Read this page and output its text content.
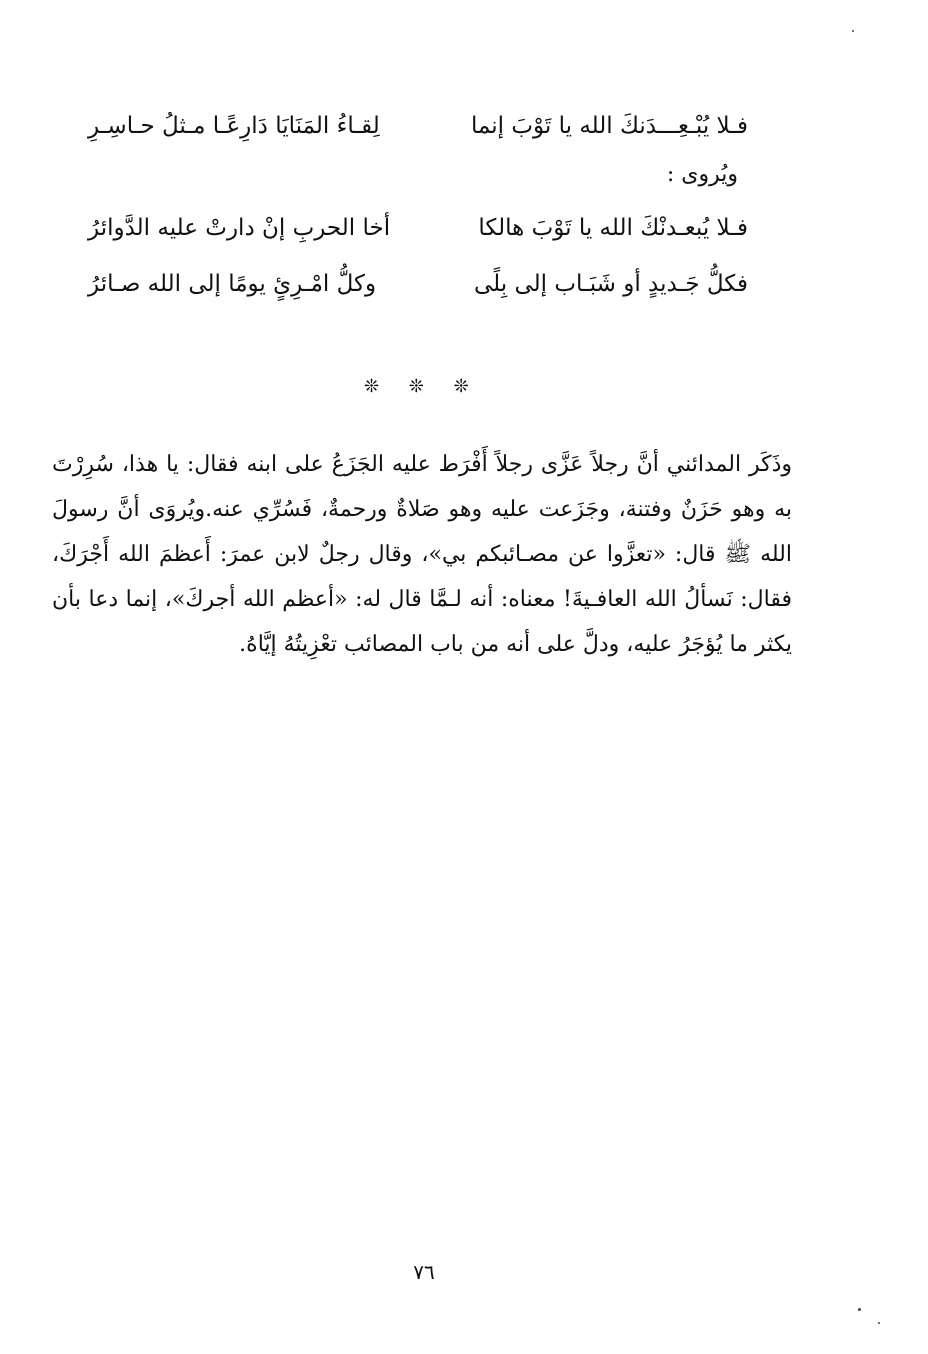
فـلا يُبْـعِـــدَنكَ الله يا تَوْبَ إنما
لِقـاءُ المَنَايَا دَارِعًـا مـثلُ حـاسِـرِ
ويُروى :
فـلا يُبعـدنْكَ الله يا تَوْبَ هالكا
أخا الحربِ إنْ دارتْ عليه الدَّوائرُ
فكلُّ جَـديدٍ أو شَبَـاب إلى بِلًى
وكلُّ امْـرِئٍ يومًا إلى الله صـائرُ
❊ ❊ ❊

وذَكَر المدائني أنَّ رجلاً عَزَّى رجلاً أَفْرَط عليه الجَزَعُ على ابنه فقال: يا هذا، سُرِرْتَ به وهو حَزَنٌ وفتنة، وجَزَعت عليه وهو صَلاةٌ ورحمةٌ، فَسُرِّي عنه.ويُروَى أنَّ رسولَ الله ﷺ قال: «تعزَّوا عن مصـائبكم بي»، وقال رجلٌ لابن عمرَ: أَعظمَ الله أَجْرَكَ، فقال: نَسألُ الله العافـيةَ! معناه: أنه لـمَّا قال له: «أعظم الله أجركَ»، إنما دعا بأن يكثر ما يُؤجَرُ عليه، ودلَّ على أنه من باب المصائب تعْزِيتُهُ إيَّاهُ.

٧٦
